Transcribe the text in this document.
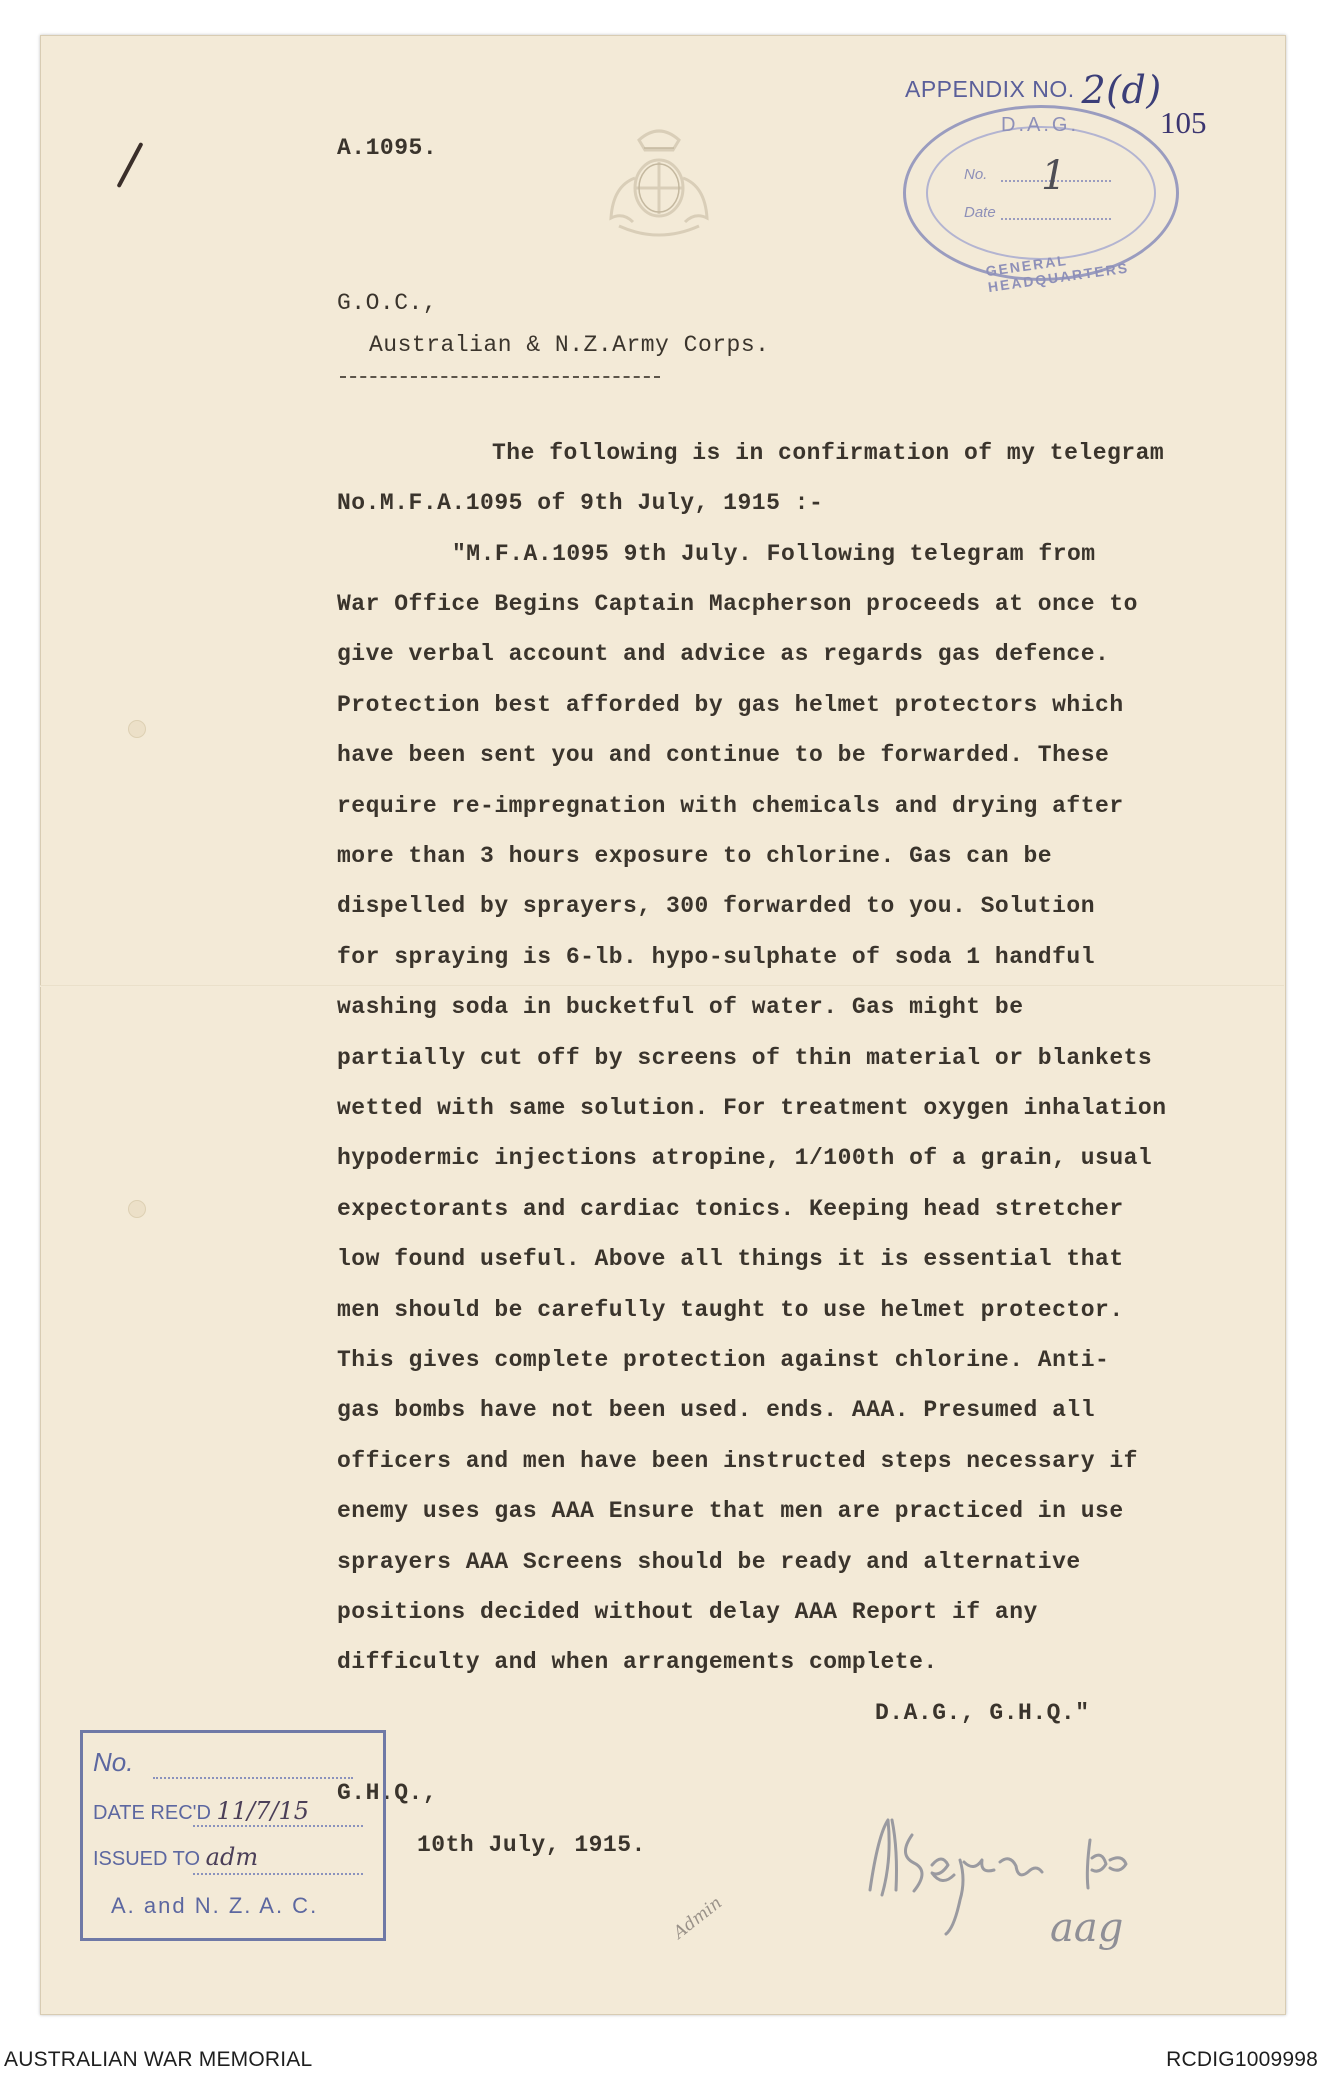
APPENDIX NO. 2(d)
105
D.A.G.
No. 1
Date
GENERAL HEADQUARTERS
A.1095.
G.O.C.,
Australian & N.Z.Army Corps.
The following is in confirmation of my telegram
No.M.F.A.1095 of 9th July, 1915 :-
"M.F.A.1095 9th July. Following telegram from
War Office Begins Captain Macpherson proceeds at once to
give verbal account and advice as regards gas defence.
Protection best afforded by gas helmet protectors which
have been sent you and continue to be forwarded. These
require re-impregnation with chemicals and drying after
more than 3 hours exposure to chlorine. Gas can be
dispelled by sprayers, 300 forwarded to you. Solution
for spraying is 6-lb. hypo-sulphate of soda 1 handful
washing soda in bucketful of water. Gas might be
partially cut off by screens of thin material or blankets
wetted with same solution. For treatment oxygen inhalation
hypodermic injections atropine, 1/100th of a grain, usual
expectorants and cardiac tonics. Keeping head stretcher
low found useful. Above all things it is essential that
men should be carefully taught to use helmet protector.
This gives complete protection against chlorine. Anti-
gas bombs have not been used. ends. AAA. Presumed all
officers and men have been instructed steps necessary if
enemy uses gas AAA Ensure that men are practiced in use
sprayers AAA Screens should be ready and alternative
positions decided without delay AAA Report if any
difficulty and when arrangements complete.
D.A.G., G.H.Q."
G.H.Q.,
10th July, 1915.
No.
DATE REC'D 11/7/15
ISSUED TO adm
A. and N. Z. A. C.	Admin	aag
AUSTRALIAN WAR MEMORIAL	RCDIG1009998
